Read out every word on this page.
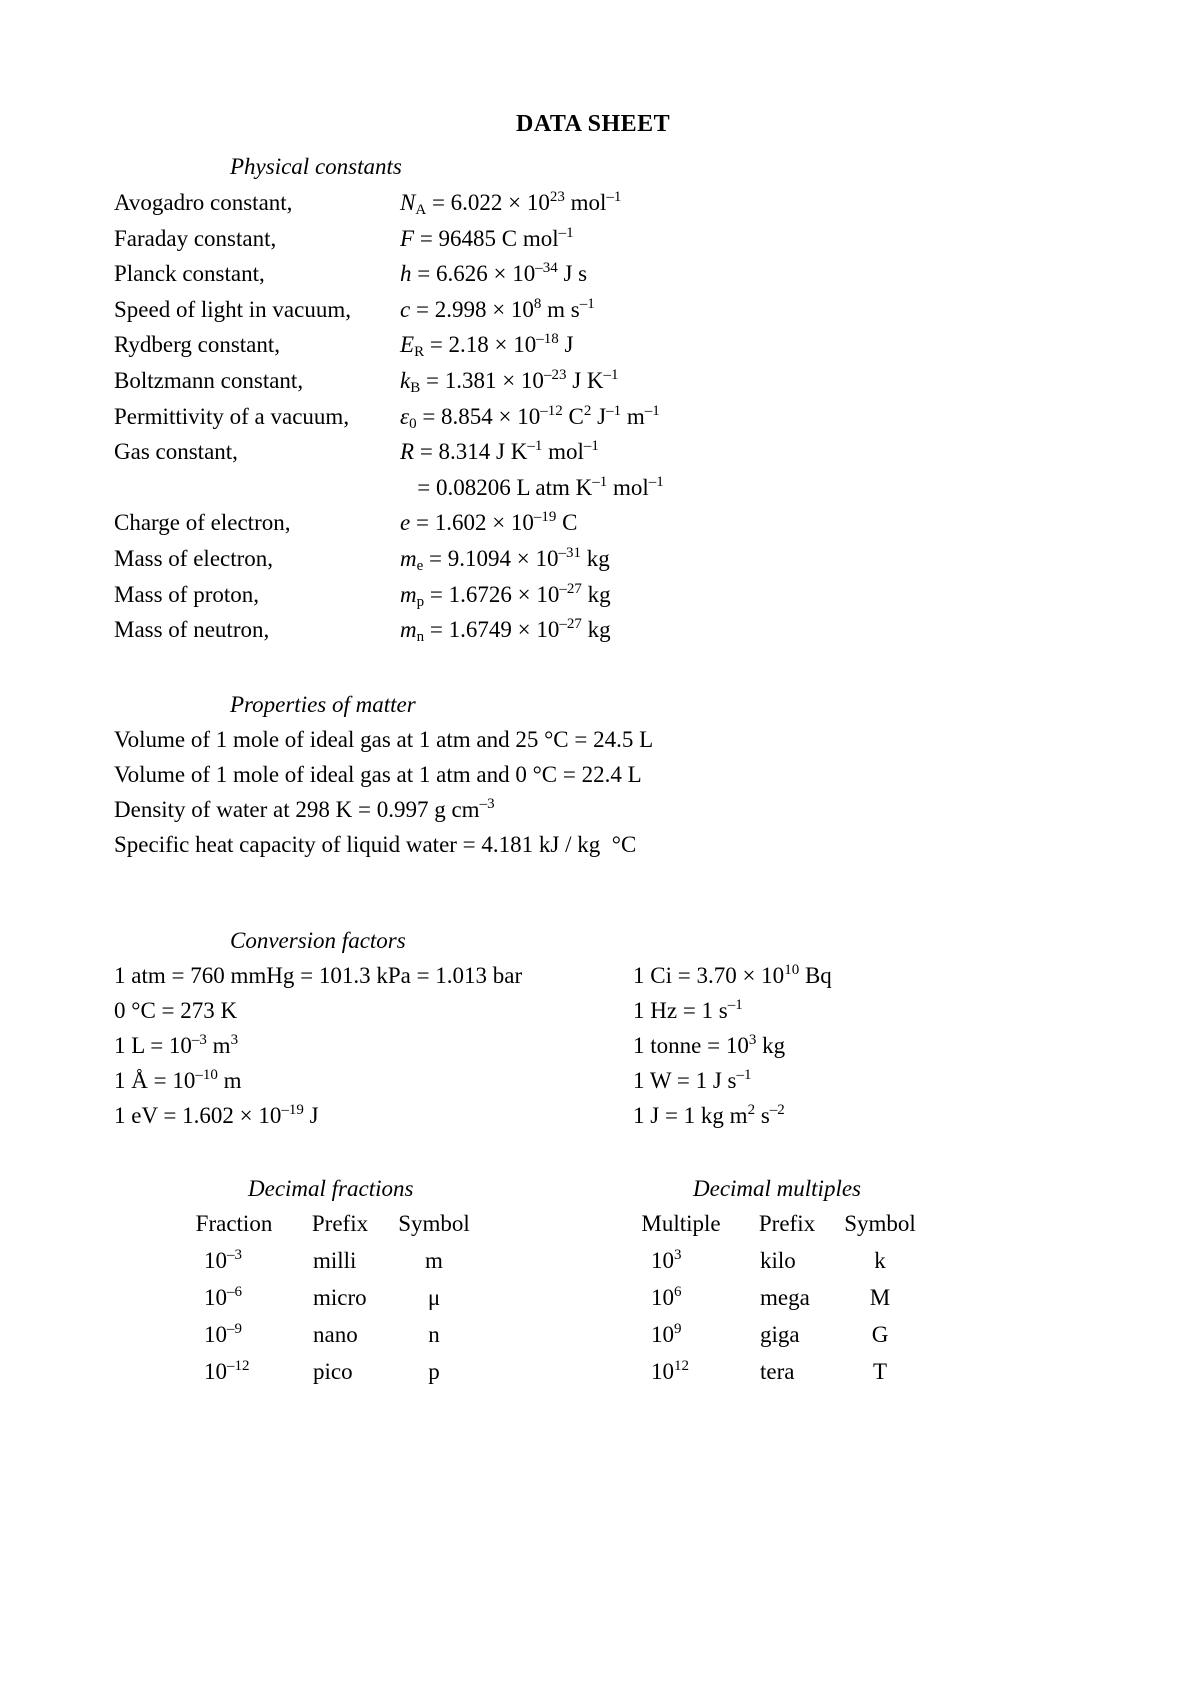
DATA SHEET
Physical constants
Avogadro constant,	$N_A = 6.022 \times 10^{23}$ mol$^{-1}$
Faraday constant,	F = 96485 C mol$^{-1}$
Planck constant,	$h = 6.626 \times 10^{-34}$ J s
Speed of light in vacuum, $c = 2.998 \times 10^8$ m $s^{-1}$
Rydberg constant,	$E_R = 2.18 \times 10^{-18}$ J
Boltzmann constant,	$k_B = 1.381 \times 10^{-23}$ J $K^{-1}$
Permittivity of a vacuum, $\varepsilon_0 = 8.854 \times 10^{-12}$ $C^2$ $J^{-1}$ $m^{-1}$
Gas constant,	R = 8.314 J $K^{-1}$ mol$^{-1}$
= 0.08206 L atm $K^{-1}$ mol$^{-1}$
Charge of electron,	$e = 1.602 \times 10^{-19}$ C
Mass of electron,	$m_e = 9.1094 \times 10^{-31}$ kg
Mass of proton,	$m_p = 1.6726 \times 10^{-27}$ kg
Mass of neutron,	$m_n = 1.6749 \times 10^{-27}$ kg
Properties of matter
Volume of 1 mole of ideal gas at 1 atm and 25 °C = 24.5 L
Volume of 1 mole of ideal gas at 1 atm and 0 °C = 22.4 L
Density of water at 298 K = 0.997 g $cm^{-3}$
Specific heat capacity of liquid water = 4.181 kJ / kg  °C
Conversion factors
1 atm = 760 mmHg = 101.3 kPa = 1.013 bar
0 °C = 273 K
1 $L = 10^{-3}$ $m^3$
1 Å = $10^{-10}$ m
1 eV = $1.602 \times 10^{-19}$ J
1 $Ci = 3.70 \times 10^{10}$ Bq
1 Hz = 1 $s^{-1}$
1 tonne = $10^3$ kg
1 W = 1 J $s^{-1}$
1 J = 1 kg $m^2$ $s^{-2}$
Decimal fractions
Fraction	Prefix	Symbol
$10^{-3}$	milli	m
$10^{-6}$	micro	μ
$10^{-9}$	nano	n
$10^{-12}$	pico	p
Decimal multiples
Multiple	Prefix	Symbol
$10^3$	kilo	k
$10^6$	mega	M
$10^9$	giga	G
$10^{12}$	tera	T
